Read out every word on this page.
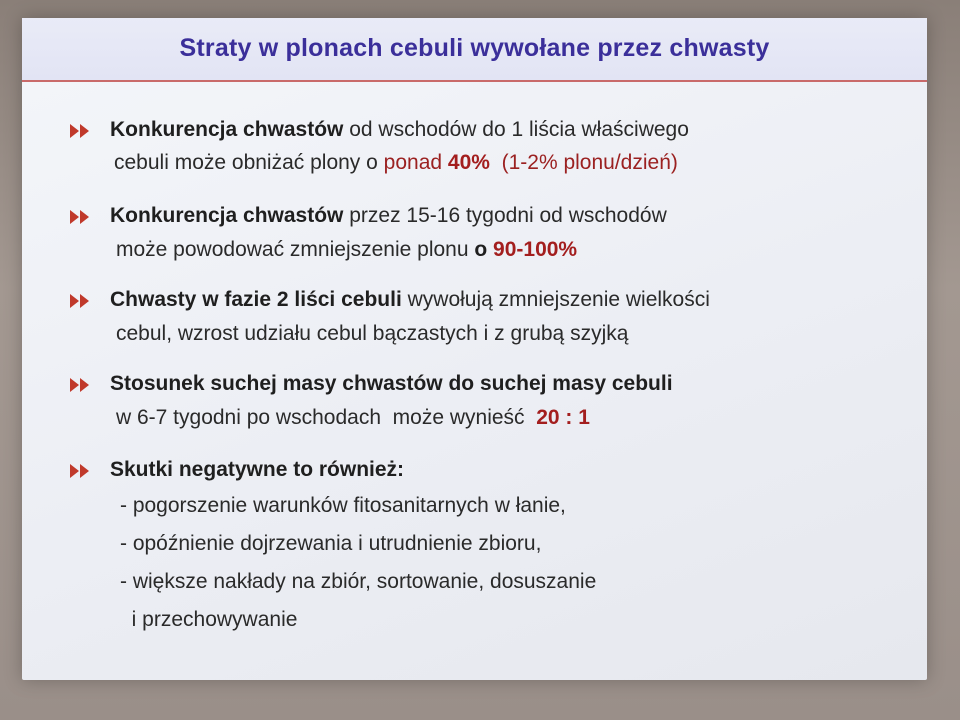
Straty w plonach cebuli wywołane przez chwasty
Konkurencja chwastów od wschodów do 1 liścia właściwego
cebuli może obniżać plony o ponad 40%  (1-2% plonu/dzień)
Konkurencja chwastów przez 15-16 tygodni od wschodów
może powodować zmniejszenie plonu o 90-100%
Chwasty w fazie 2 liści cebuli wywołują zmniejszenie wielkości
cebul, wzrost udziału cebul bączastych i z grubą szyjką
Stosunek suchej masy chwastów do suchej masy cebuli
w 6-7 tygodni po wschodach  może wynieść  20 : 1
Skutki negatywne to również:
- pogorszenie warunków fitosanitarnych w łanie,
- opóźnienie dojrzewania i utrudnienie zbioru,
- większe nakłady na zbiór, sortowanie, dosuszanie
i przechowywanie
